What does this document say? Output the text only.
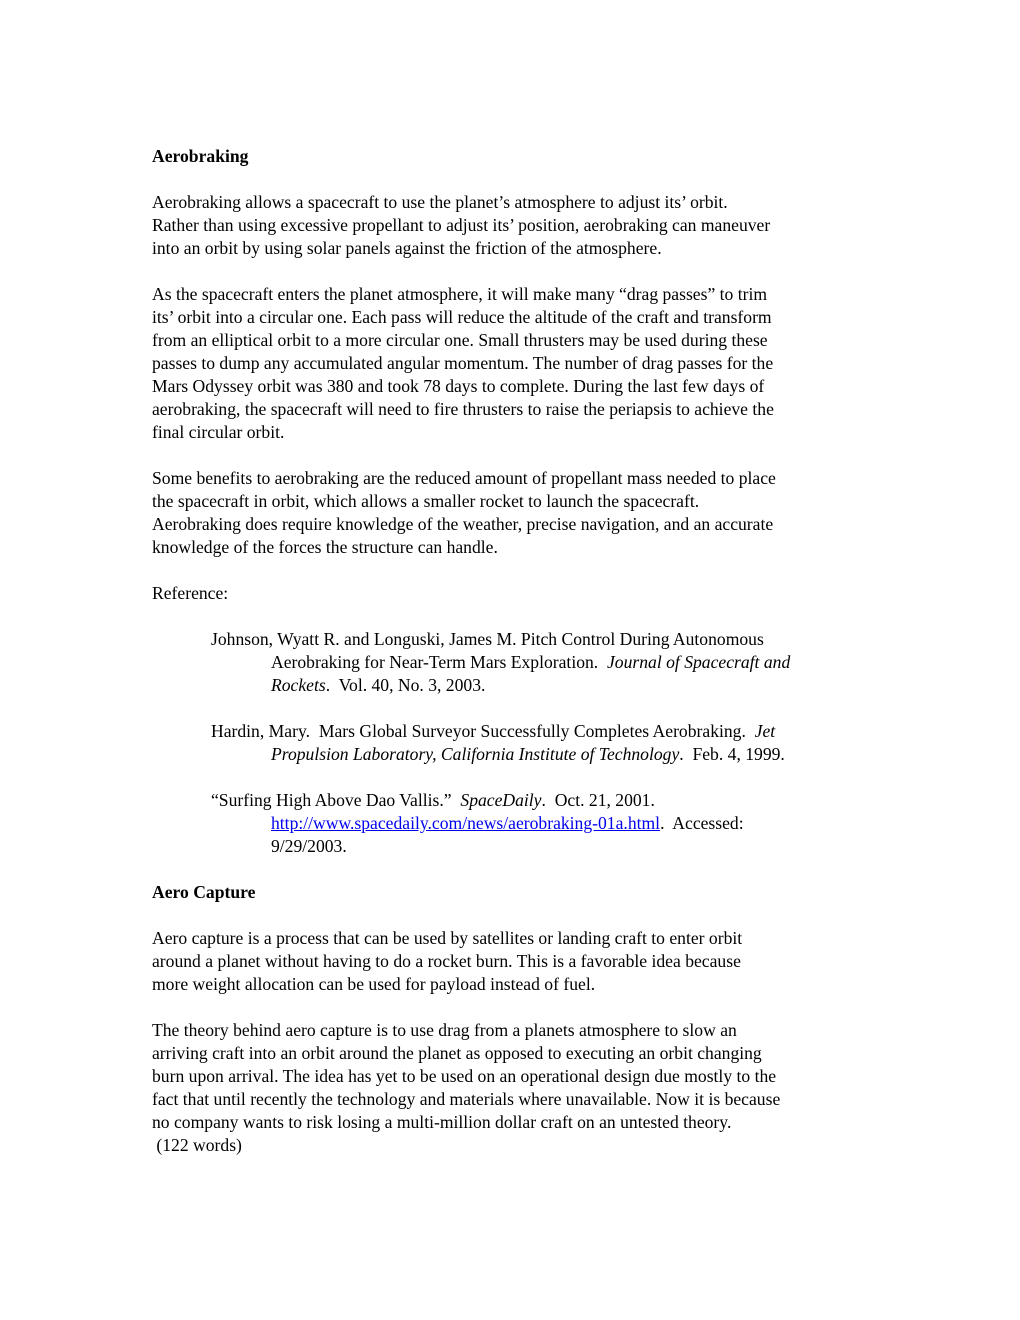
Aerobraking
Aerobraking allows a spacecraft to use the planet’s atmosphere to adjust its’ orbit.
Rather than using excessive propellant to adjust its’ position, aerobraking can maneuver
into an orbit by using solar panels against the friction of the atmosphere.
As the spacecraft enters the planet atmosphere, it will make many “drag passes” to trim
its’ orbit into a circular one. Each pass will reduce the altitude of the craft and transform
from an elliptical orbit to a more circular one. Small thrusters may be used during these
passes to dump any accumulated angular momentum. The number of drag passes for the
Mars Odyssey orbit was 380 and took 78 days to complete. During the last few days of
aerobraking, the spacecraft will need to fire thrusters to raise the periapsis to achieve the
final circular orbit.
Some benefits to aerobraking are the reduced amount of propellant mass needed to place
the spacecraft in orbit, which allows a smaller rocket to launch the spacecraft.
Aerobraking does require knowledge of the weather, precise navigation, and an accurate
knowledge of the forces the structure can handle.
Reference:
Johnson, Wyatt R. and Longuski, James M. Pitch Control During Autonomous
Aerobraking for Near-Term Mars Exploration.  Journal of Spacecraft and
Rockets.  Vol. 40, No. 3, 2003.
Hardin, Mary.  Mars Global Surveyor Successfully Completes Aerobraking.  Jet
Propulsion Laboratory, California Institute of Technology.  Feb. 4, 1999.
“Surfing High Above Dao Vallis.”  SpaceDaily.  Oct. 21, 2001.
http://www.spacedaily.com/news/aerobraking-01a.html.  Accessed:
9/29/2003.
Aero Capture
Aero capture is a process that can be used by satellites or landing craft to enter orbit
around a planet without having to do a rocket burn. This is a favorable idea because
more weight allocation can be used for payload instead of fuel.
The theory behind aero capture is to use drag from a planets atmosphere to slow an
arriving craft into an orbit around the planet as opposed to executing an orbit changing
burn upon arrival. The idea has yet to be used on an operational design due mostly to the
fact that until recently the technology and materials where unavailable. Now it is because
no company wants to risk losing a multi-million dollar craft on an untested theory.
(122 words)
